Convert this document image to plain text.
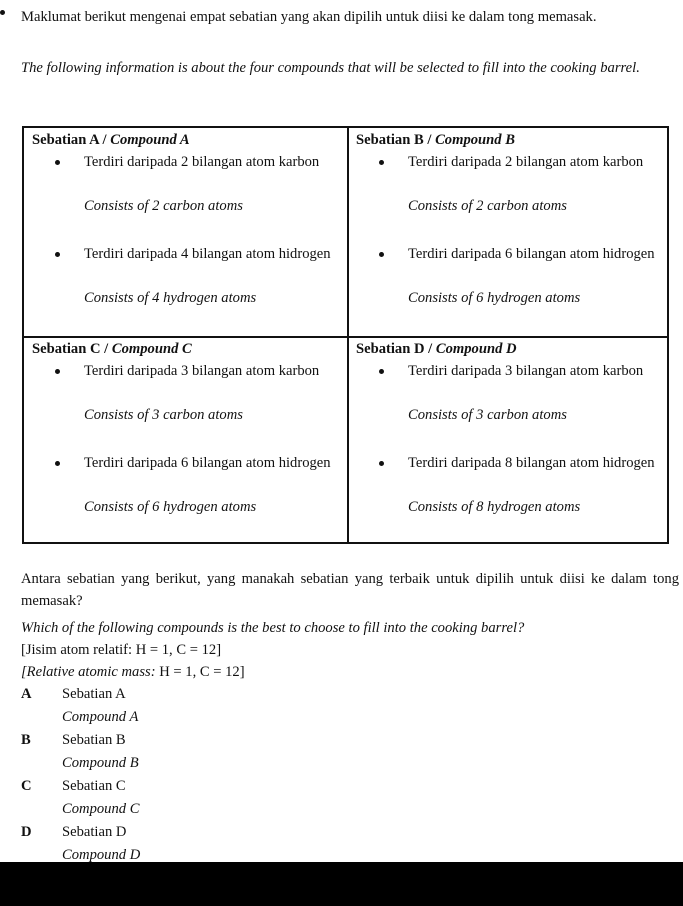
Maklumat berikut mengenai empat sebatian yang akan dipilih untuk diisi ke dalam tong memasak.
The following information is about the four compounds that will be selected to fill into the cooking barrel.
Sebatian A / Compound A
Terdiri daripada 2 bilangan atom karbon
Consists of 2 carbon atoms
Terdiri daripada 4 bilangan atom hidrogen
Consists of 4 hydrogen atoms
Sebatian B / Compound B
Terdiri daripada 2 bilangan atom karbon
Consists of 2 carbon atoms
Terdiri daripada 6 bilangan atom hidrogen
Consists of 6 hydrogen atoms
Sebatian C / Compound C
Terdiri daripada 3 bilangan atom karbon
Consists of 3 carbon atoms
Terdiri daripada 6 bilangan atom hidrogen
Consists of 6 hydrogen atoms
Sebatian D / Compound D
Terdiri daripada 3 bilangan atom karbon
Consists of 3 carbon atoms
Terdiri daripada 8 bilangan atom hidrogen
Consists of 8 hydrogen atoms
Antara sebatian yang berikut, yang manakah sebatian yang terbaik untuk dipilih untuk diisi ke dalam tong memasak?
Which of the following compounds is the best to choose to fill into the cooking barrel?
[Jisim atom relatif: H = 1, C = 12]
[Relative atomic mass: H = 1, C = 12]
A Sebatian A
Compound A
B Sebatian B
Compound B
C Sebatian C
Compound C
D Sebatian D
Compound D
